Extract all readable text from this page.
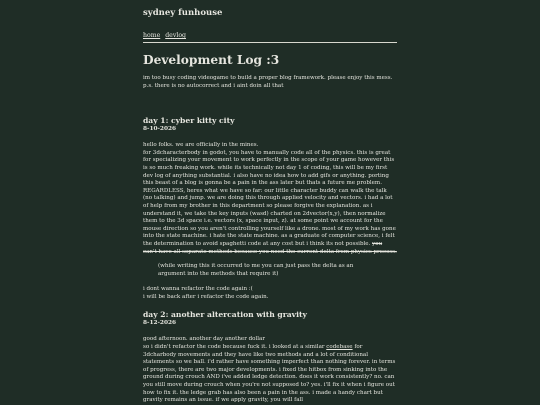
sydney funhouse
home devlog
Development Log :3

im too busy coding videogame to build a proper blog framework. please enjoy this mess. p.s. there is no autocorrect and i aint doin all that

day 1: cyber kitty city
8-10-2026

hello folks. we are officially in the mines.

for 3dcharacterbody in godot, you have to manually code all of the physics. this is great for specializing your movement to work perfectly in the scope of your game however this is so much freaking work. while its technically not day 1 of coding, this will be my first dev log of anything substantial. i also have no idea how to add gifs or anything. porting this beast of a blog is gonna be a pain in the ass later but thats a future me problem. REGARDLESS, heres what we have so far: our little character buddy can walk the talk (no talking) and jump. we are doing this through applied velocity and vectors. i had a lot of help from my brother in this department so please forgive the explanation. as i understand it, we take the key inputs (wasd) charted on 2dvector(x,y), then normalize them to the 3d space i.e. vectors (x, space input, z). at some point we account for the mouse direction so you aren't controlling yourself like a drone. most of my work has gone into the state machine. i hate the state machine. as a graduate of computer science, i felt the determination to avoid spaghetti code at any cost but i think its not possible. you can't have all separate methods because you need the current delta from physics process.

(while writing this it occurred to me you can just pass the delta as an argument into the methods that require it)

i dont wanna refactor the code again :(

i will be back after i refactor the code again.

day 2: another altercation with gravity
8-12-2026

good afternoon. another day another dollar

so i didn't refactor the code because fuck it. i looked at a similar codebase for 3dcharbody movements and they have like two methods and a lot of conditional statements so we ball. i'd rather have something imperfect than nothing forever. in terms of progress, there are two major developments. i fixed the hitbox from sinking into the ground during crouch AND i've added ledge detection. does it work consistently? no. can you still move during crouch when you're not supposed to? yes. i'll fix it when i figure out how to fix it. the ledge grab has also been a pain in the ass. i made a handy chart but gravity remains an issue. if we apply gravity, you will fall
